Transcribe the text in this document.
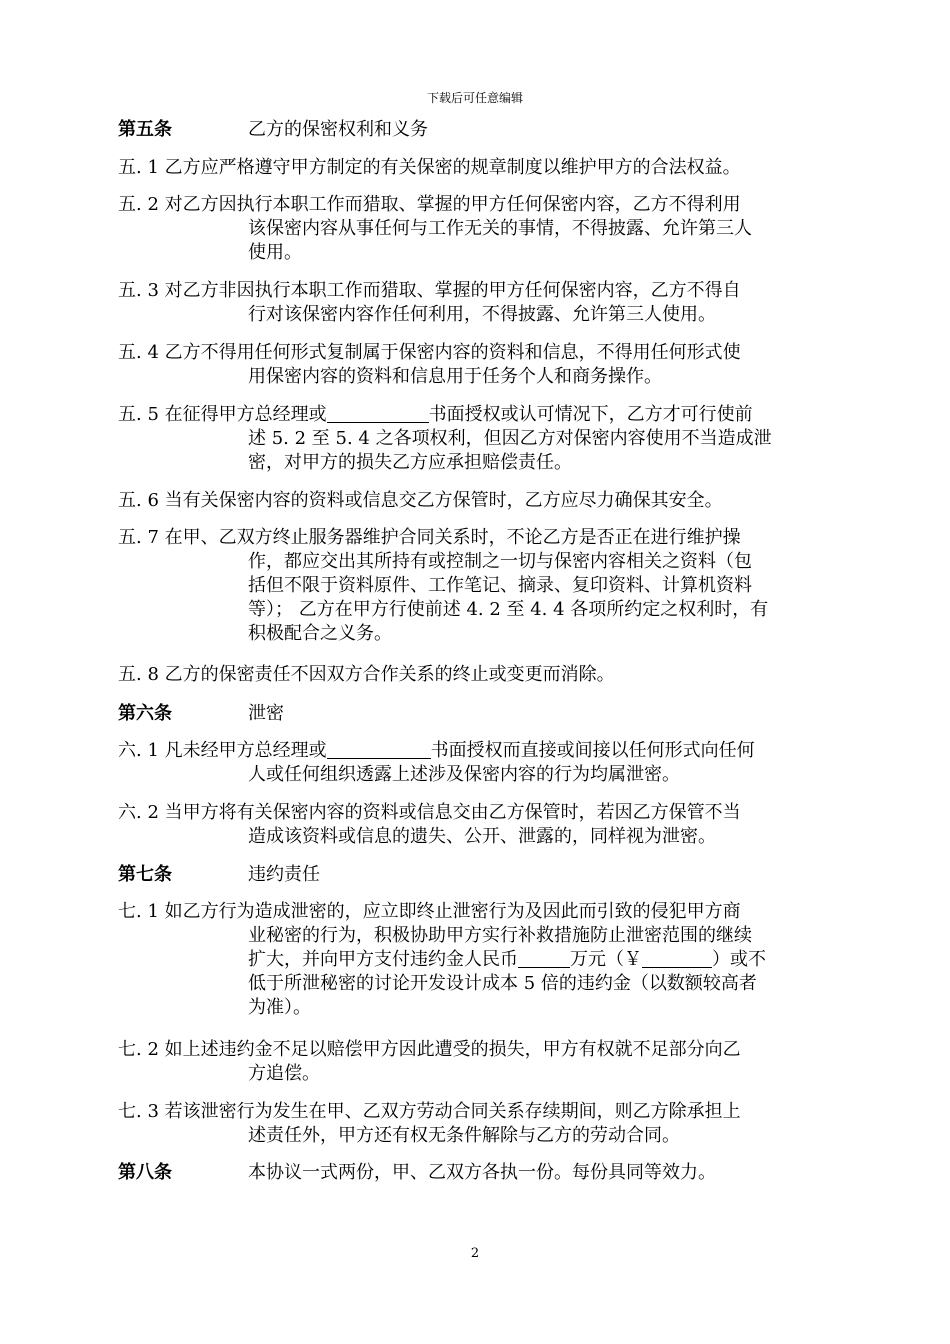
下载后可任意编辑
第五条	乙方的保密权利和义务
五. 1 乙方应严格遵守甲方制定的有关保密的规章制度以维护甲方的合法权益。
五. 2 对乙方因执行本职工作而猎取、掌握的甲方任何保密内容，乙方不得利用
该保密内容从事任何与工作无关的事情，不得披露、允许第三人
使用。
五. 3 对乙方非因执行本职工作而猎取、掌握的甲方任何保密内容，乙方不得自
行对该保密内容作任何利用，不得披露、允许第三人使用。
五. 4 乙方不得用任何形式复制属于保密内容的资料和信息，不得用任何形式使
用保密内容的资料和信息用于任务个人和商务操作。
五. 5 在征得甲方总经理或	书面授权或认可情况下，乙方才可行使前
述 5. 2 至 5. 4 之各项权利，但因乙方对保密内容使用不当造成泄
密，对甲方的损失乙方应承担赔偿责任。
五. 6 当有关保密内容的资料或信息交乙方保管时，乙方应尽力确保其安全。
五. 7 在甲、乙双方终止服务器维护合同关系时，不论乙方是否正在进行维护操
作，都应交出其所持有或控制之一切与保密内容相关之资料（包
括但不限于资料原件、工作笔记、摘录、复印资料、计算机资料
等）； 乙方在甲方行使前述 4. 2 至 4. 4 各项所约定之权利时，有
积极配合之义务。
五. 8 乙方的保密责任不因双方合作关系的终止或变更而消除。
第六条	泄密
六. 1 凡未经甲方总经理或	书面授权而直接或间接以任何形式向任何
人或任何组织透露上述涉及保密内容的行为均属泄密。
六. 2 当甲方将有关保密内容的资料或信息交由乙方保管时，若因乙方保管不当
造成该资料或信息的遗失、公开、泄露的，同样视为泄密。
第七条	违约责任
七. 1 如乙方行为造成泄密的，应立即终止泄密行为及因此而引致的侵犯甲方商
业秘密的行为，积极协助甲方实行补救措施防止泄密范围的继续
扩大，并向甲方支付违约金人民币	万元（￥	）或不
低于所泄秘密的讨论开发设计成本 5 倍的违约金（以数额较高者
为准）。
七. 2 如上述违约金不足以赔偿甲方因此遭受的损失，甲方有权就不足部分向乙
方追偿。
七. 3 若该泄密行为发生在甲、乙双方劳动合同关系存续期间，则乙方除承担上
述责任外，甲方还有权无条件解除与乙方的劳动合同。
第八条	本协议一式两份，甲、乙双方各执一份。每份具同等效力。
2
